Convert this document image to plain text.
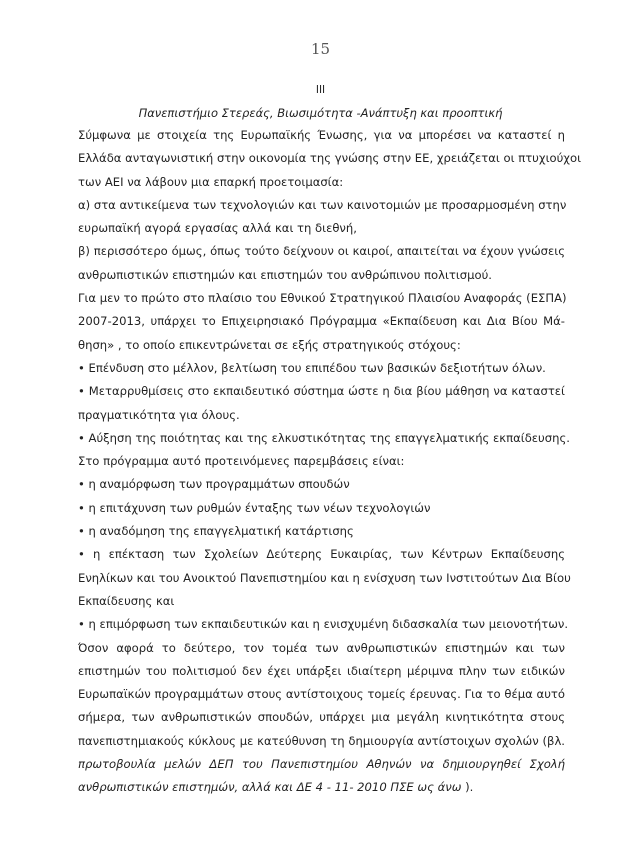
15
III
Πανεπιστήμιο Στερεάς, Βιωσιμότητα -Ανάπτυξη και προοπτική
Σύμφωνα με στοιχεία της Ευρωπαϊκής Ένωσης, για να μπορέσει να καταστεί η
Ελλάδα ανταγωνιστική στην οικονομία της γνώσης στην ΕΕ, χρειάζεται οι πτυχιούχοι
των ΑΕΙ να λάβουν μια επαρκή προετοιμασία:
α) στα αντικείμενα των τεχνολογιών και των καινοτομιών με προσαρμοσμένη στην
ευρωπαϊκή αγορά εργασίας αλλά και τη διεθνή,
β) περισσότερο όμως, όπως τούτο δείχνουν οι καιροί, απαιτείται να έχουν γνώσεις
ανθρωπιστικών επιστημών και επιστημών του ανθρώπινου πολιτισμού.
Για μεν το πρώτο στο πλαίσιο του Εθνικού Στρατηγικού Πλαισίου Αναφοράς (ΕΣΠΑ)
2007-2013, υπάρχει το Επιχειρησιακό Πρόγραμμα «Εκπαίδευση και Δια Βίου Μά-
θηση» , το οποίο επικεντρώνεται σε εξής στρατηγικούς στόχους:
• Επένδυση στο μέλλον, βελτίωση του επιπέδου των βασικών δεξιοτήτων όλων.
• Μεταρρυθμίσεις στο εκπαιδευτικό σύστημα ώστε η δια βίου μάθηση να καταστεί
πραγματικότητα για όλους.
• Αύξηση της ποιότητας και της ελκυστικότητας της επαγγελματικής εκπαίδευσης.
Στο πρόγραμμα αυτό προτεινόμενες παρεμβάσεις είναι:
• η αναμόρφωση των προγραμμάτων σπουδών
• η επιτάχυνση των ρυθμών ένταξης των νέων τεχνολογιών
• η αναδόμηση της επαγγελματική κατάρτισης
• η επέκταση των Σχολείων Δεύτερης Ευκαιρίας, των Κέντρων Εκπαίδευσης
Ενηλίκων και του Ανοικτού Πανεπιστημίου και η ενίσχυση των Ινστιτούτων Δια Βίου
Εκπαίδευσης και
• η επιμόρφωση των εκπαιδευτικών και η ενισχυμένη διδασκαλία των μειονοτήτων.
Όσον αφορά το δεύτερο, τον τομέα των ανθρωπιστικών επιστημών και των
επιστημών του πολιτισμού δεν έχει υπάρξει ιδιαίτερη μέριμνα πλην των ειδικών
Ευρωπαϊκών προγραμμάτων στους αντίστοιχους τομείς έρευνας. Για το θέμα αυτό
σήμερα, των ανθρωπιστικών σπουδών, υπάρχει μια μεγάλη κινητικότητα στους
πανεπιστημιακούς κύκλους με κατεύθυνση τη δημιουργία αντίστοιχων σχολών (βλ.
πρωτοβουλία μελών ΔΕΠ του Πανεπιστημίου Αθηνών να δημιουργηθεί Σχολή
ανθρωπιστικών επιστημών, αλλά και ΔΕ 4 - 11- 2010 ΠΣΕ ως άνω ).
